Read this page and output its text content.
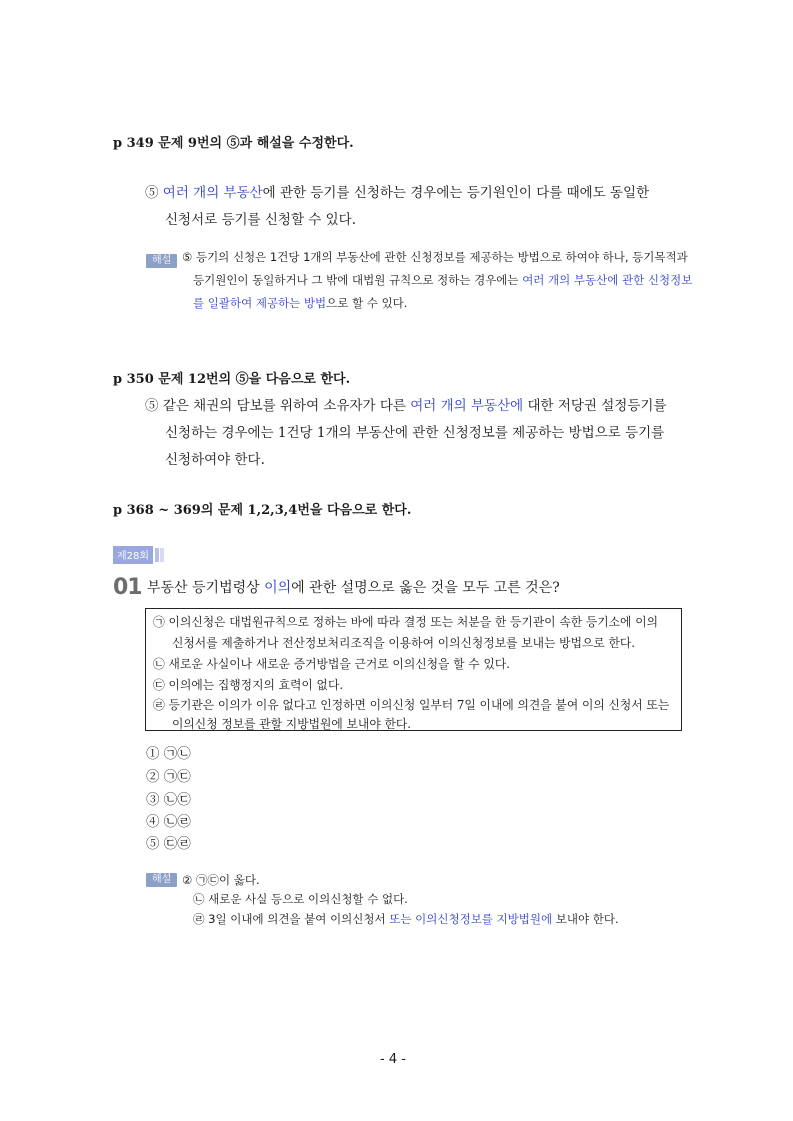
p 349 문제 9번의 ⑤과 해설을 수정한다.
⑤ 여러 개의 부동산에 관한 등기를 신청하는 경우에는 등기원인이 다를 때에도 동일한
신청서로 등기를 신청할 수 있다.
해설 ⑤ 등기의 신청은 1건당 1개의 부동산에 관한 신청정보를 제공하는 방법으로 하여야 하나, 등기목적과
등기원인이 동일하거나 그 밖에 대법원 규칙으로 정하는 경우에는 여러 개의 부동산에 관한 신청정보
를 일괄하여 제공하는 방법으로 할 수 있다.
p 350 문제 12번의 ⑤을 다음으로 한다.
⑤ 같은 채권의 담보를 위하여 소유자가 다른 여러 개의 부동산에 대한 저당권 설정등기를
신청하는 경우에는 1건당 1개의 부동산에 관한 신청정보를 제공하는 방법으로 등기를
신청하여야 한다.
p 368 ~ 369의 문제 1,2,3,4번을 다음으로 한다.
제28회
01 부동산 등기법령상 이의에 관한 설명으로 옳은 것을 모두 고른 것은?
㉠ 이의신청은 대법원규칙으로 정하는 바에 따라 결정 또는 처분을 한 등기관이 속한 등기소에 이의
신청서를 제출하거나 전산정보처리조직을 이용하여 이의신청정보를 보내는 방법으로 한다.
㉡ 새로운 사실이나 새로운 증거방법을 근거로 이의신청을 할 수 있다.
㉢ 이의에는 집행정지의 효력이 없다.
㉣ 등기관은 이의가 이유 없다고 인정하면 이의신청 일부터 7일 이내에 의견을 붙여 이의 신청서 또는
이의신청 정보를 관할 지방법원에 보내야 한다.
① ㉠㉡
② ㉠㉢
③ ㉡㉢
④ ㉡㉣
⑤ ㉢㉣
해설 ② ㉠㉢이 옳다.
㉡ 새로운 사실 등으로 이의신청할 수 없다.
㉣ 3일 이내에 의견을 붙여 이의신청서 또는 이의신청정보를 지방법원에 보내야 한다.
- 4 -
